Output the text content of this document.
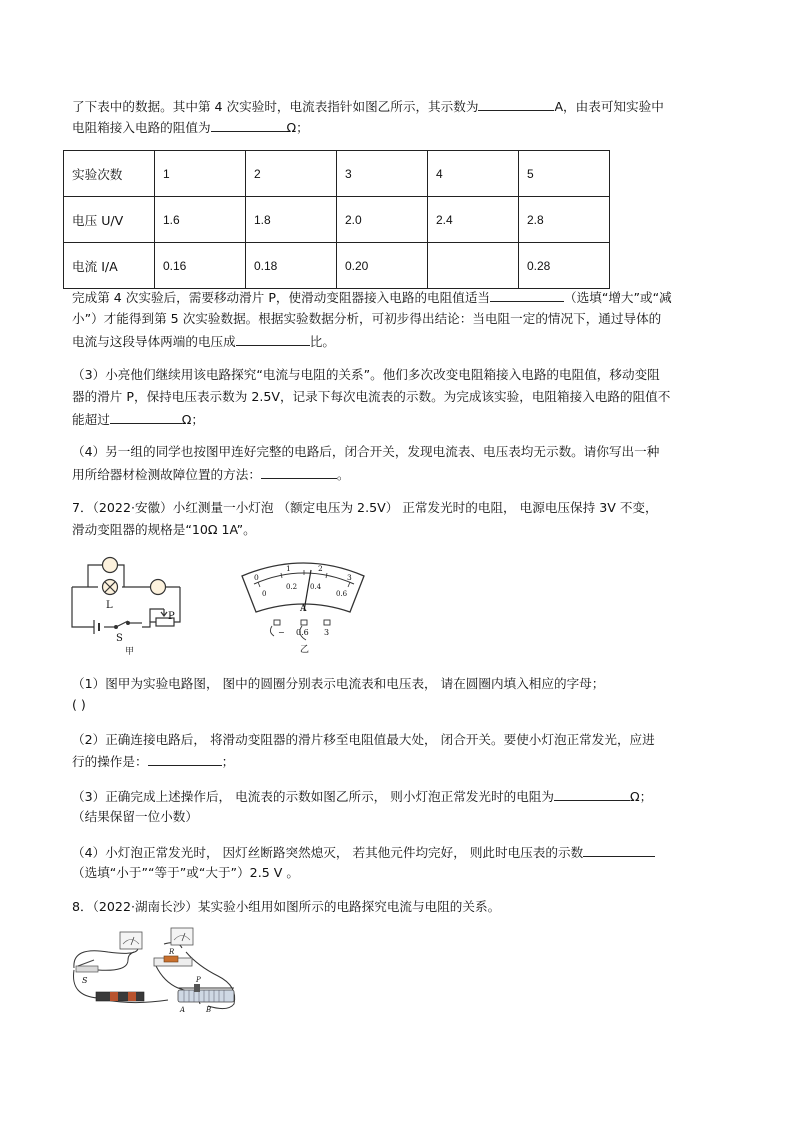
了下表中的数据。其中第 4 次实验时，电流表指针如图乙所示，其示数为	A，由表可知实验中
电阻箱接入电路的阻值为	Ω；
实验次数	1	2	3	4	5
电压 U/V	1.6	1.8	2.0	2.4	2.8
电流 I/A	0.16	0.18	0.20		0.28
完成第 4 次实验后，需要移动滑片 P，使滑动变阻器接入电路的电阻值适当	（选填“增大”或“减
小”）才能得到第 5 次实验数据。根据实验数据分析，可初步得出结论：当电阻一定的情况下，通过导体的
电流与这段导体两端的电压成	比。
（3）小亮他们继续用该电路探究“电流与电阻的关系”。他们多次改变电阻箱接入电路的电阻值，移动变阻
器的滑片 P，保持电压表示数为 2.5V，记录下每次电流表的示数。为完成该实验，电阻箱接入电路的阻值不
能超过	Ω；
（4）另一组的同学也按图甲连好完整的电路后，闭合开关，发现电流表、电压表均无示数。请你写出一种
用所给器材检测故障位置的方法：	。
7．（2022·安徽）小红测量一小灯泡 （额定电压为 2.5V） 正常发光时的电阻， 电源电压保持 3V 不变，
滑动变阻器的规格是“10Ω 1A”。
L
S
P
甲
0
1	2
3
0
0.2 0.4
0.6
A
− 0.6 3
乙
（1）图甲为实验电路图， 图中的圆圈分别表示电流表和电压表， 请在圆圈内填入相应的字母；
( )
（2）正确连接电路后， 将滑动变阻器的滑片移至电阻值最大处， 闭合开关。要使小灯泡正常发光，应进
行的操作是：	；
（3）正确完成上述操作后， 电流表的示数如图乙所示， 则小灯泡正常发光时的电阻为	Ω；
（结果保留一位小数）
（4）小灯泡正常发光时， 因灯丝断路突然熄灭， 若其他元件均完好， 则此时电压表的示数
（选填“小于”“等于”或“大于”）2.5 V 。
8．（2022·湖南长沙）某实验小组用如图所示的电路探究电流与电阻的关系。
S
R
P
A	B
